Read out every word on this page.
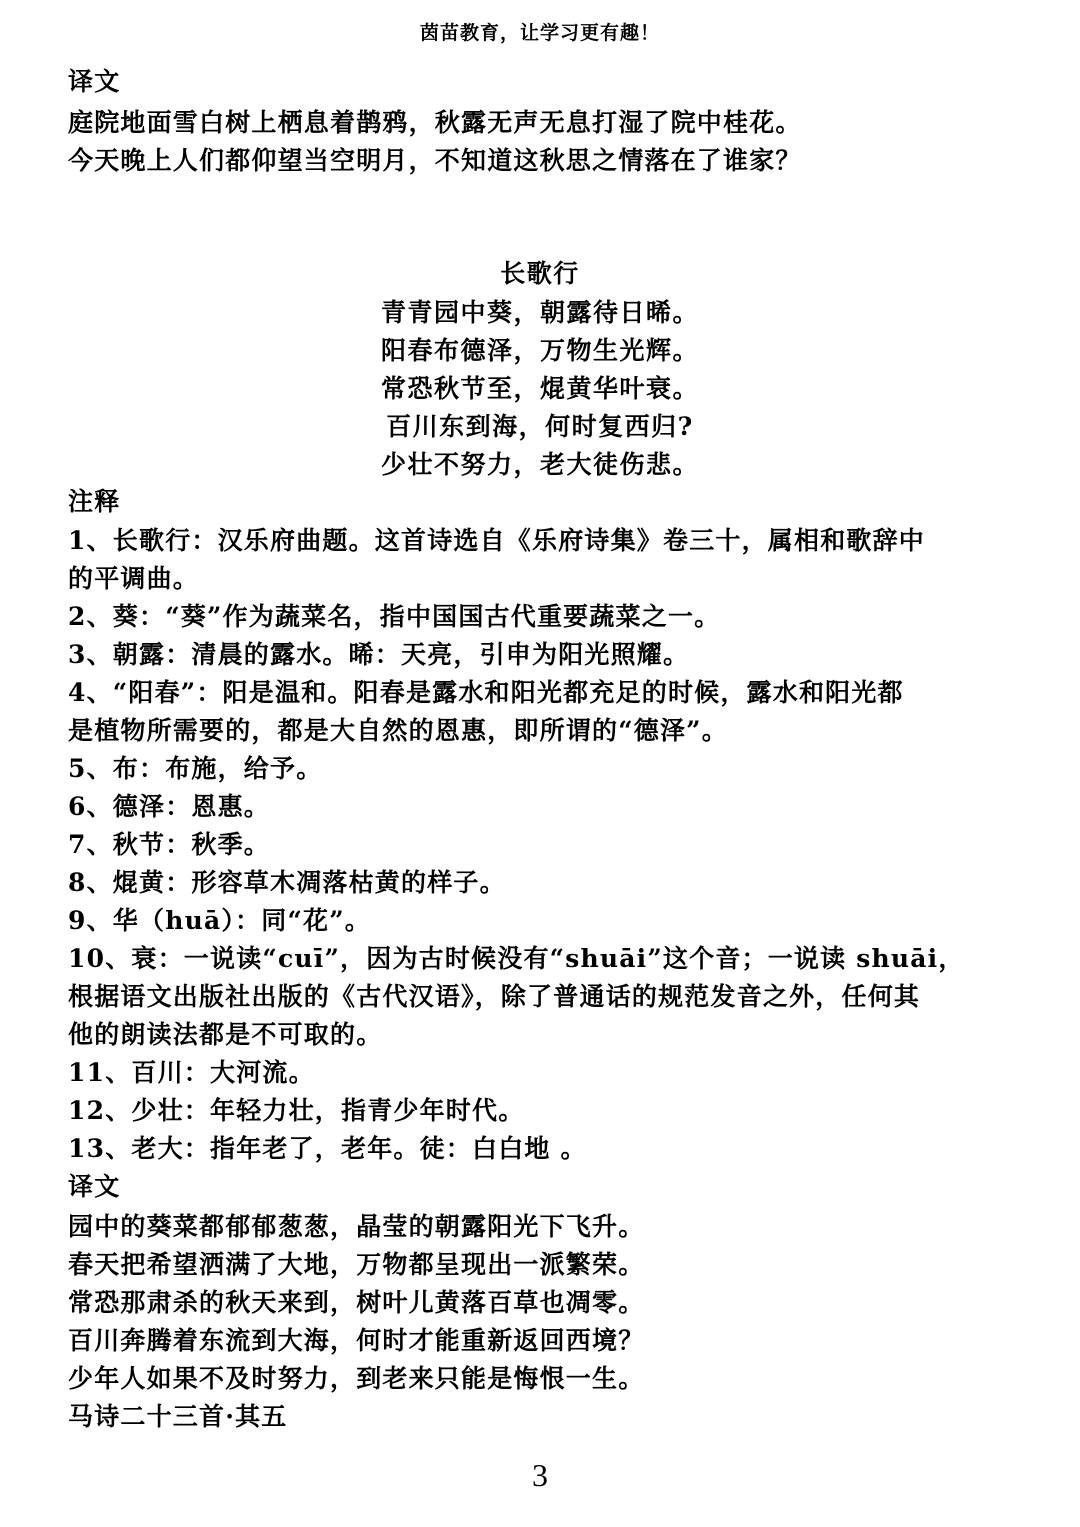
茵苗教育，让学习更有趣！
译文
庭院地面雪白树上栖息着鹊鸦，秋露无声无息打湿了院中桂花。
今天晚上人们都仰望当空明月，不知道这秋思之情落在了谁家？
长歌行
青青园中葵，朝露待日晞。
阳春布德泽，万物生光辉。
常恐秋节至，焜黄华叶衰。
百川东到海，何时复西归?
少壮不努力，老大徒伤悲。
注释
1、长歌行：汉乐府曲题。这首诗选自《乐府诗集》卷三十，属相和歌辞中
的平调曲。
2、葵：“葵”作为蔬菜名，指中国国古代重要蔬菜之一。
3、朝露：清晨的露水。晞：天亮，引申为阳光照耀。
4、“阳春”：阳是温和。阳春是露水和阳光都充足的时候，露水和阳光都
是植物所需要的，都是大自然的恩惠，即所谓的“德泽”。
5、布：布施，给予。
6、德泽：恩惠。
7、秋节：秋季。
8、焜黄：形容草木凋落枯黄的样子。
9、华（huā）：同“花”。
10、衰：一说读“cuī”，因为古时候没有“shuāi”这个音；一说读 shuāi，
根据语文出版社出版的《古代汉语》，除了普通话的规范发音之外，任何其
他的朗读法都是不可取的。
11、百川：大河流。
12、少壮：年轻力壮，指青少年时代。
13、老大：指年老了，老年。徒：白白地 。
译文
园中的葵菜都郁郁葱葱，晶莹的朝露阳光下飞升。
春天把希望洒满了大地，万物都呈现出一派繁荣。
常恐那肃杀的秋天来到，树叶儿黄落百草也凋零。
百川奔腾着东流到大海，何时才能重新返回西境？
少年人如果不及时努力，到老来只能是悔恨一生。
马诗二十三首·其五
3
